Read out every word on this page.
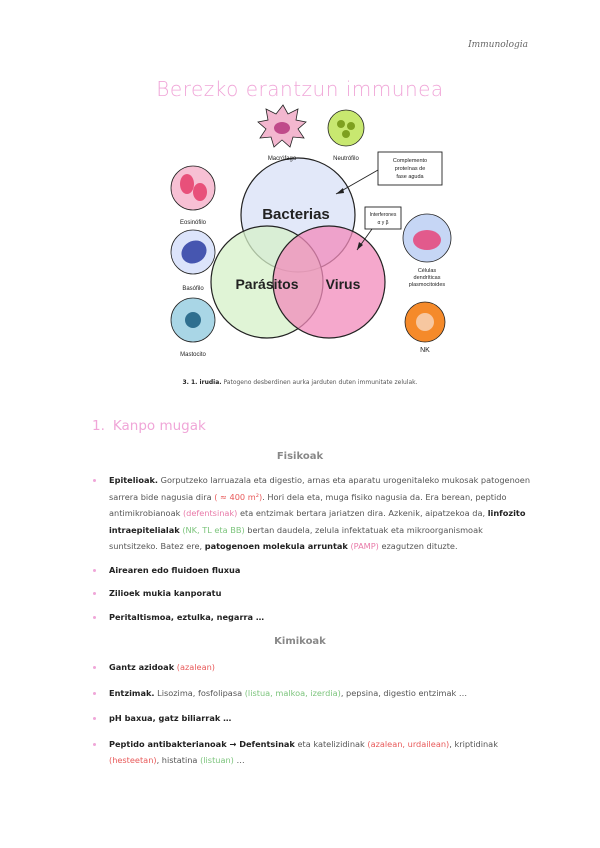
Immunologia
Berezko erantzun immunea
Bacterias
Parásitos Virus
Macrófago	Neutrófilo
Eosinófilo
Basófilo
Mastocito
Células
dendríticas
plasmocitoides
NK
Complemento
proteínas de
fase aguda
Interferones
α y β
3. 1. irudia. Patogeno desberdinen aurka jarduten duten immunitate zelulak.
1. Kanpo mugak
Fisikoak
Epitelioak. Gorputzeko larruazala eta digestio, arnas eta aparatu urogenitaleko mukosak patogenoen sarrera bide nagusia dira ( ≈ 400 m²). Hori dela eta, muga fisiko nagusia da. Era berean, peptido antimikrobianoak (defentsinak) eta entzimak bertara jariatzen dira. Azkenik, aipatzekoa da, linfozito intraepitelialak (NK, TL eta BB) bertan daudela, zelula infektatuak eta mikroorganismoak suntsitzeko. Batez ere, patogenoen molekula arruntak (PAMP) ezagutzen dituzte.
Airearen edo fluidoen fluxua
Zilioek mukia kanporatu
Peritaltismoa, eztulka, negarra …
Kimikoak
Gantz azidoak (azalean)
Entzimak. Lisozima, fosfolipasa (listua, malkoa, izerdia), pepsina, digestio entzimak …
pH baxua, gatz biliarrak …
Peptido antibakterianoak → Defentsinak eta katelizidinak (azalean, urdailean), kriptidinak (hesteetan), histatina (listuan) …
